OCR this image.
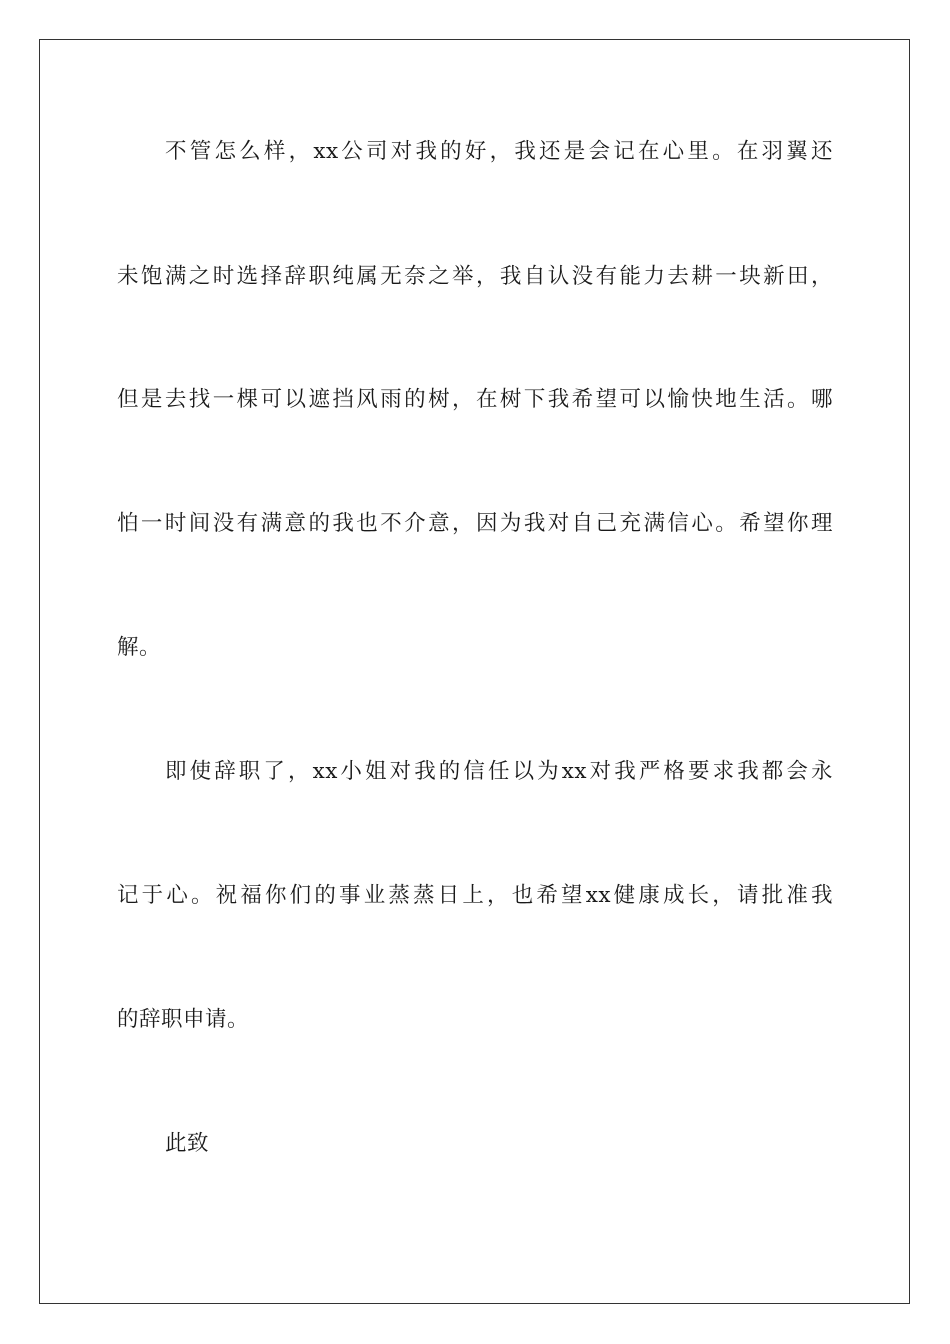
不管怎么样，xx公司对我的好，我还是会记在心里。在羽翼还
未饱满之时选择辞职纯属无奈之举，我自认没有能力去耕一块新田，
但是去找一棵可以遮挡风雨的树，在树下我希望可以愉快地生活。哪
怕一时间没有满意的我也不介意，因为我对自己充满信心。希望你理
解。
即使辞职了，xx小姐对我的信任以为xx对我严格要求我都会永
记于心。祝福你们的事业蒸蒸日上，也希望xx健康成长，请批准我
的辞职申请。
此致
